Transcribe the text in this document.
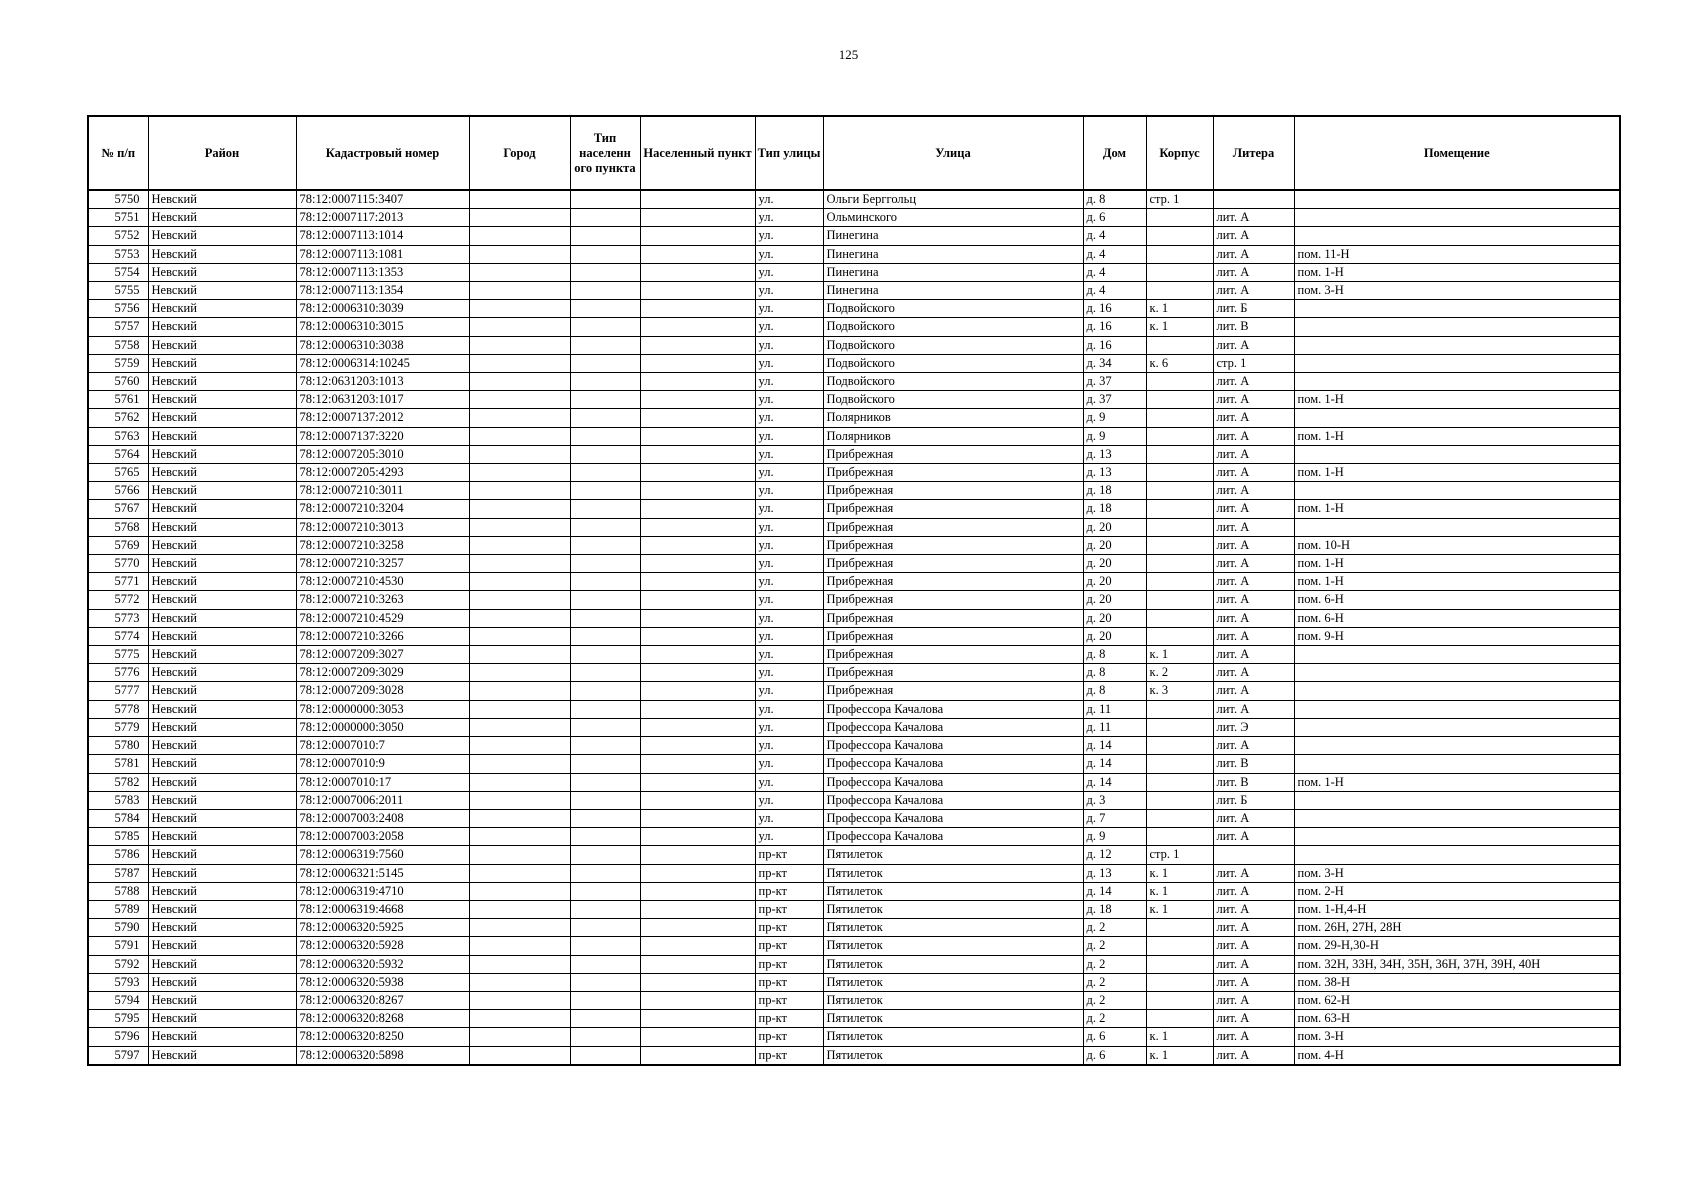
125
№ п/п	Район	Кадастровый номер	Город	Тип населенн ого пункта	Населенный пункт	Тип улицы	Улица	Дом	Корпус	Литера	Помещение
5750	Невский	78:12:0007115:3407				ул.	Ольги Берггольц	д. 8	стр. 1		
5751	Невский	78:12:0007117:2013				ул.	Ольминского	д. 6		лит. А	
5752	Невский	78:12:0007113:1014				ул.	Пинегина	д. 4		лит. А	
5753	Невский	78:12:0007113:1081				ул.	Пинегина	д. 4		лит. А	пом. 11-Н
5754	Невский	78:12:0007113:1353				ул.	Пинегина	д. 4		лит. А	пом. 1-Н
5755	Невский	78:12:0007113:1354				ул.	Пинегина	д. 4		лит. А	пом. 3-Н
5756	Невский	78:12:0006310:3039				ул.	Подвойского	д. 16	к. 1	лит. Б	
5757	Невский	78:12:0006310:3015				ул.	Подвойского	д. 16	к. 1	лит. В	
5758	Невский	78:12:0006310:3038				ул.	Подвойского	д. 16		лит. А	
5759	Невский	78:12:0006314:10245				ул.	Подвойского	д. 34	к. 6	стр. 1	
5760	Невский	78:12:0631203:1013				ул.	Подвойского	д. 37		лит. А	
5761	Невский	78:12:0631203:1017				ул.	Подвойского	д. 37		лит. А	пом. 1-Н
5762	Невский	78:12:0007137:2012				ул.	Полярников	д. 9		лит. А	
5763	Невский	78:12:0007137:3220				ул.	Полярников	д. 9		лит. А	пом. 1-Н
5764	Невский	78:12:0007205:3010				ул.	Прибрежная	д. 13		лит. А	
5765	Невский	78:12:0007205:4293				ул.	Прибрежная	д. 13		лит. А	пом. 1-Н
5766	Невский	78:12:0007210:3011				ул.	Прибрежная	д. 18		лит. А	
5767	Невский	78:12:0007210:3204				ул.	Прибрежная	д. 18		лит. А	пом. 1-Н
5768	Невский	78:12:0007210:3013				ул.	Прибрежная	д. 20		лит. А	
5769	Невский	78:12:0007210:3258				ул.	Прибрежная	д. 20		лит. А	пом. 10-Н
5770	Невский	78:12:0007210:3257				ул.	Прибрежная	д. 20		лит. А	пом. 1-Н
5771	Невский	78:12:0007210:4530				ул.	Прибрежная	д. 20		лит. А	пом. 1-Н
5772	Невский	78:12:0007210:3263				ул.	Прибрежная	д. 20		лит. А	пом. 6-Н
5773	Невский	78:12:0007210:4529				ул.	Прибрежная	д. 20		лит. А	пом. 6-Н
5774	Невский	78:12:0007210:3266				ул.	Прибрежная	д. 20		лит. А	пом. 9-Н
5775	Невский	78:12:0007209:3027				ул.	Прибрежная	д. 8	к. 1	лит. А	
5776	Невский	78:12:0007209:3029				ул.	Прибрежная	д. 8	к. 2	лит. А	
5777	Невский	78:12:0007209:3028				ул.	Прибрежная	д. 8	к. 3	лит. А	
5778	Невский	78:12:0000000:3053				ул.	Профессора Качалова	д. 11		лит. А	
5779	Невский	78:12:0000000:3050				ул.	Профессора Качалова	д. 11		лит. Э	
5780	Невский	78:12:0007010:7				ул.	Профессора Качалова	д. 14		лит. А	
5781	Невский	78:12:0007010:9				ул.	Профессора Качалова	д. 14		лит. В	
5782	Невский	78:12:0007010:17				ул.	Профессора Качалова	д. 14		лит. В	пом. 1-Н
5783	Невский	78:12:0007006:2011				ул.	Профессора Качалова	д. 3		лит. Б	
5784	Невский	78:12:0007003:2408				ул.	Профессора Качалова	д. 7		лит. А	
5785	Невский	78:12:0007003:2058				ул.	Профессора Качалова	д. 9		лит. А	
5786	Невский	78:12:0006319:7560				пр-кт	Пятилеток	д. 12	стр. 1		
5787	Невский	78:12:0006321:5145				пр-кт	Пятилеток	д. 13	к. 1	лит. А	пом. 3-Н
5788	Невский	78:12:0006319:4710				пр-кт	Пятилеток	д. 14	к. 1	лит. А	пом. 2-Н
5789	Невский	78:12:0006319:4668				пр-кт	Пятилеток	д. 18	к. 1	лит. А	пом. 1-Н,4-Н
5790	Невский	78:12:0006320:5925				пр-кт	Пятилеток	д. 2		лит. А	пом. 26Н, 27Н, 28Н
5791	Невский	78:12:0006320:5928				пр-кт	Пятилеток	д. 2		лит. А	пом. 29-Н,30-Н
5792	Невский	78:12:0006320:5932				пр-кт	Пятилеток	д. 2		лит. А	пом. 32Н, 33Н, 34Н, 35Н, 36Н, 37Н, 39Н, 40Н
5793	Невский	78:12:0006320:5938				пр-кт	Пятилеток	д. 2		лит. А	пом. 38-Н
5794	Невский	78:12:0006320:8267				пр-кт	Пятилеток	д. 2		лит. А	пом. 62-Н
5795	Невский	78:12:0006320:8268				пр-кт	Пятилеток	д. 2		лит. А	пом. 63-Н
5796	Невский	78:12:0006320:8250				пр-кт	Пятилеток	д. 6	к. 1	лит. А	пом. 3-Н
5797	Невский	78:12:0006320:5898				пр-кт	Пятилеток	д. 6	к. 1	лит. А	пом. 4-Н
